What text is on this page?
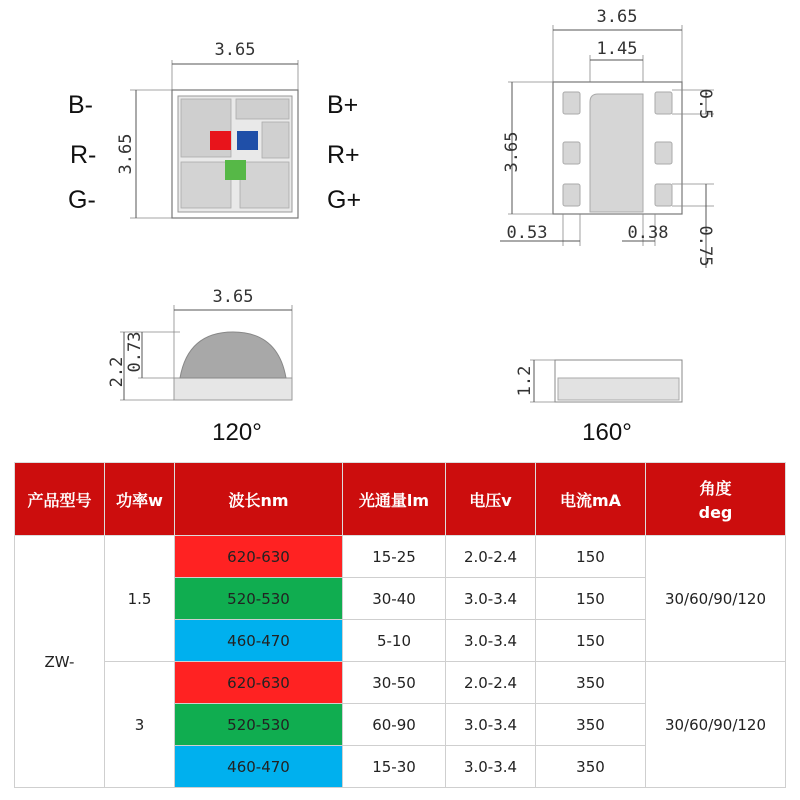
3.65
3.65
B-
R-
G-
B+
R+
G+
3.65
1.45
3.65
0.5
0.53	0.38 0.75
3.65
2.2
0.73
120°
1.2
160°
产品型号	功率w	波长nm	光通量lm	电压v	电流mA	角度
deg

ZW-	1.5	620-630	15-25	2.0-2.4	150	30/60/90/120
		520-530	30-40	3.0-3.4	150	
		460-470	5-10	3.0-3.4	150	
	3	620-630	30-50	2.0-2.4	350	30/60/90/120
		520-530	60-90	3.0-3.4	350	
		460-470	15-30	3.0-3.4	350	
